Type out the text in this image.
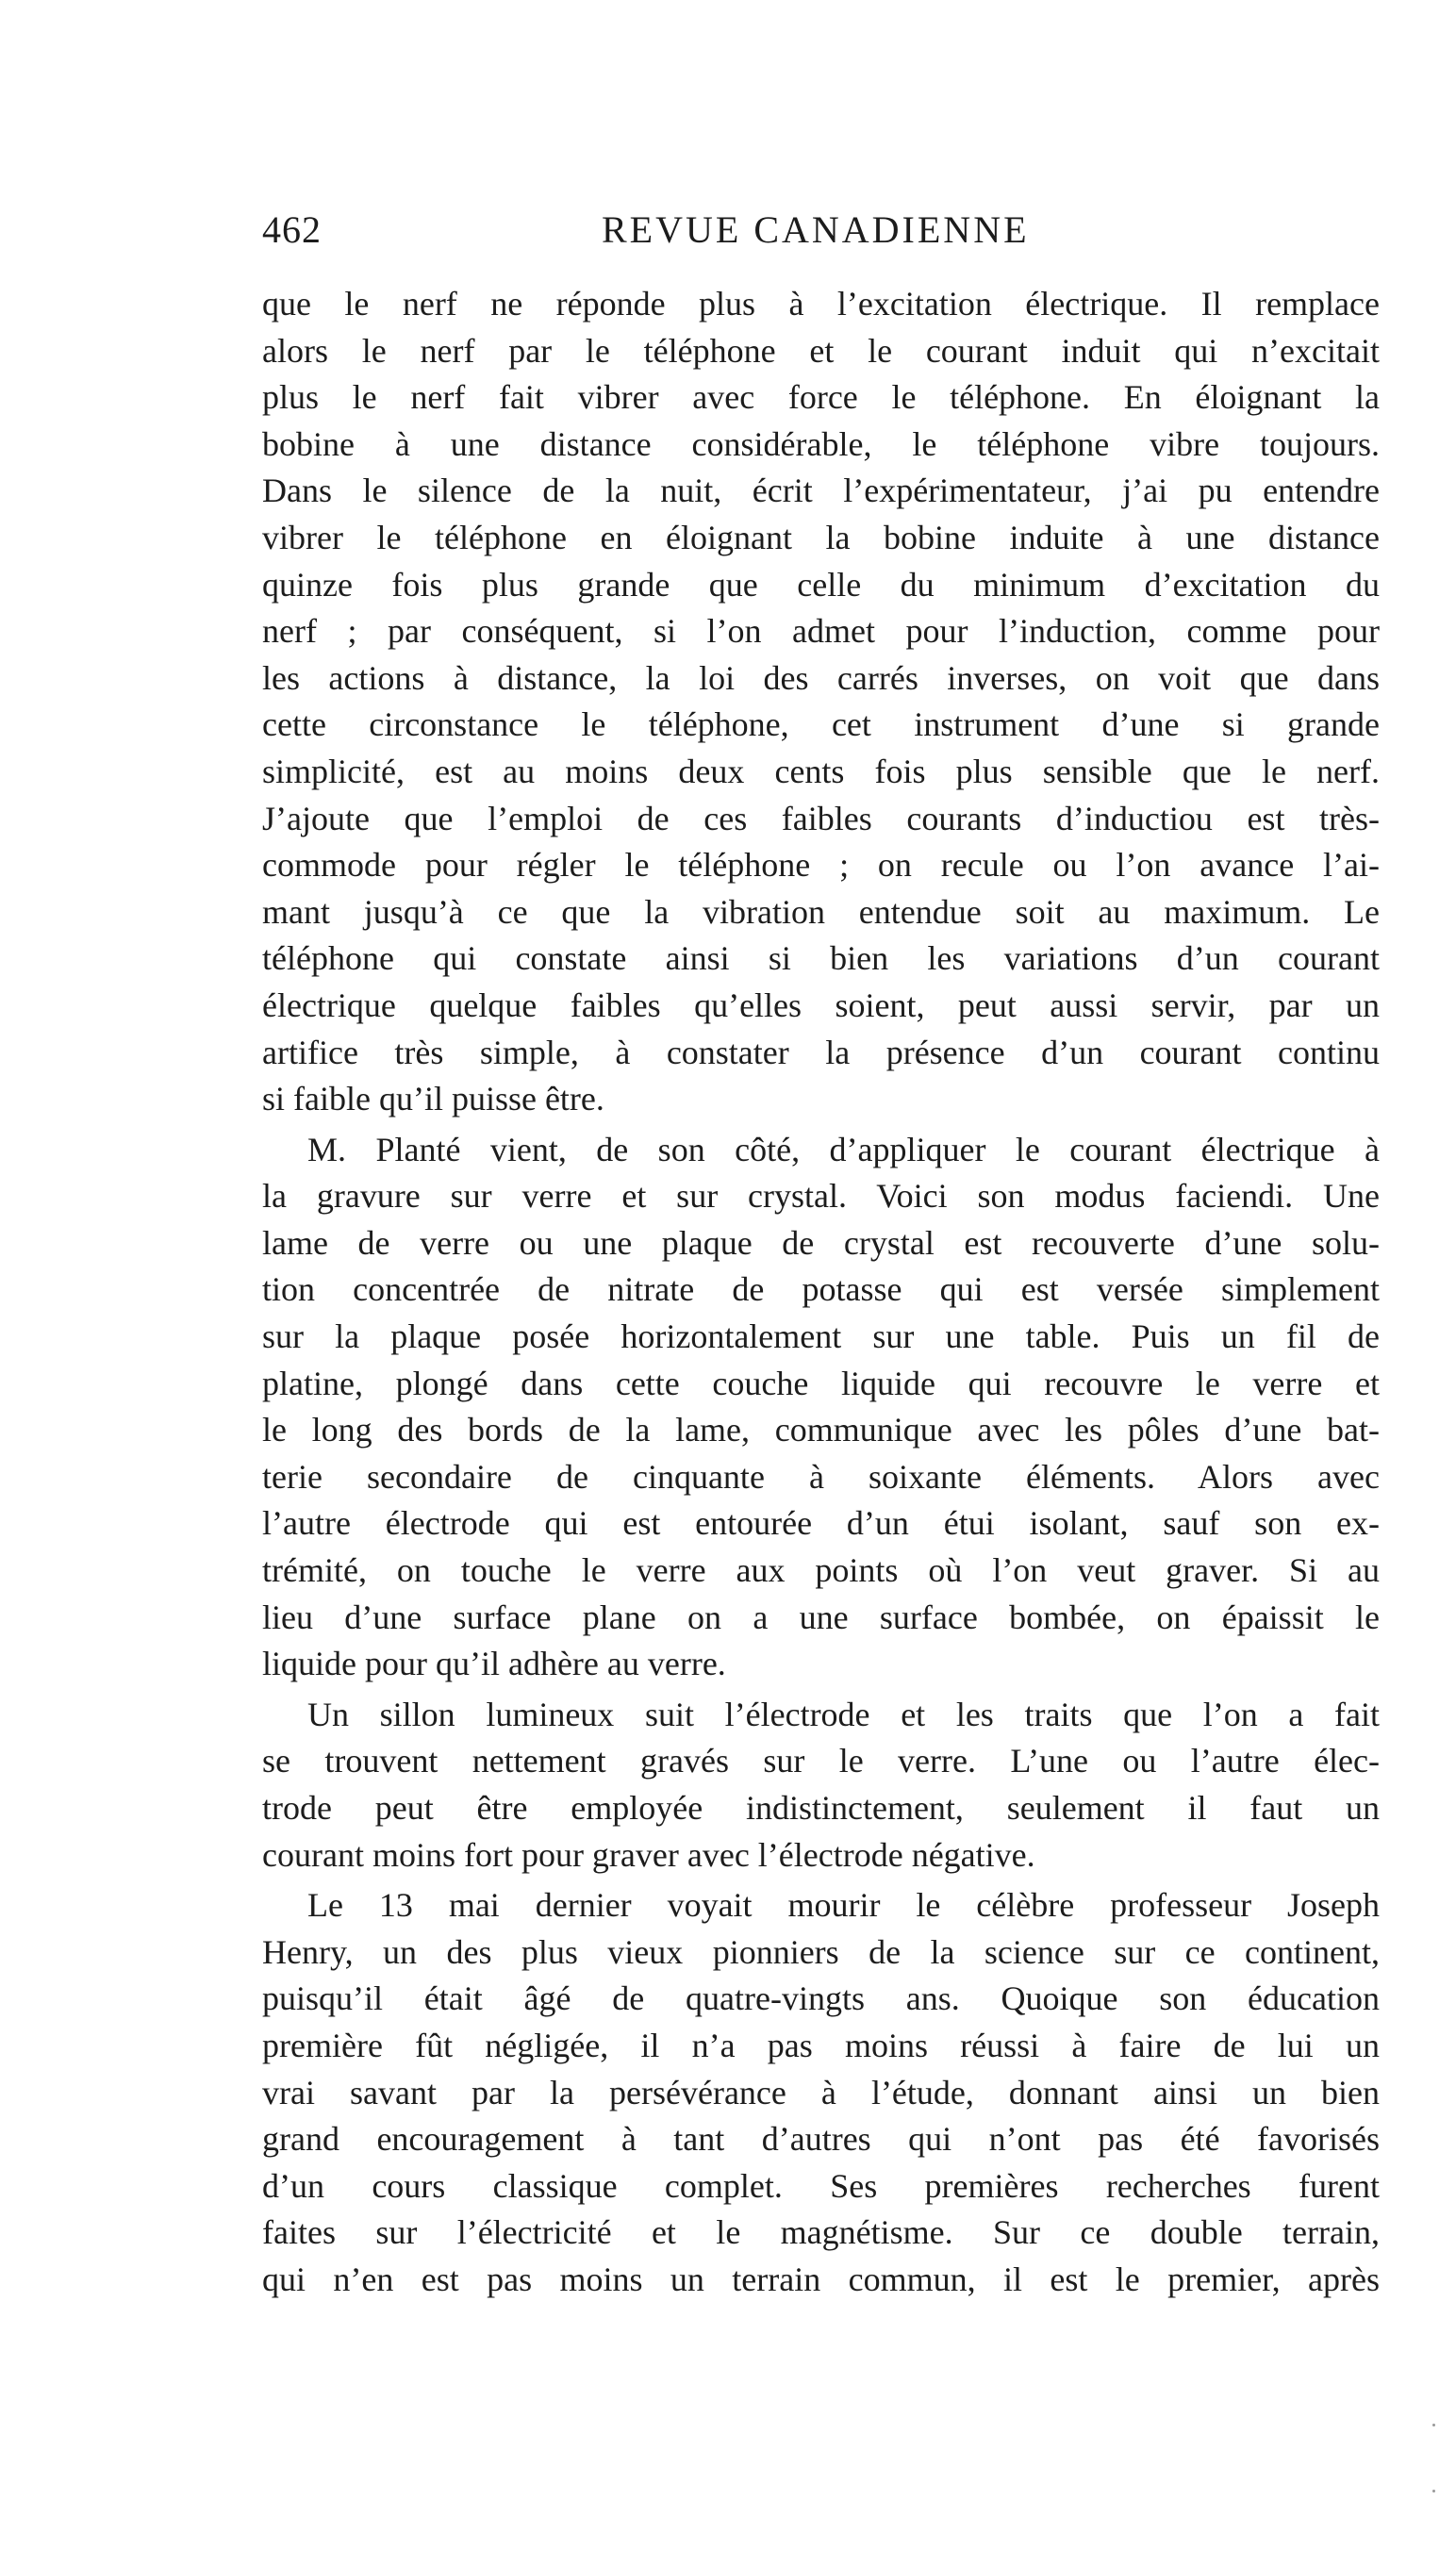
462	REVUE CANADIENNE
que le nerf ne réponde plus à l’excitation électrique. Il remplace
alors le nerf par le téléphone et le courant induit qui n’excitait
plus le nerf fait vibrer avec force le téléphone. En éloignant la
bobine à une distance considérable, le téléphone vibre toujours.
Dans le silence de la nuit, écrit l’expérimentateur, j’ai pu entendre
vibrer le téléphone en éloignant la bobine induite à une distance
quinze fois plus grande que celle du minimum d’excitation du
nerf ; par conséquent, si l’on admet pour l’induction, comme pour
les actions à distance, la loi des carrés inverses, on voit que dans
cette circonstance le téléphone, cet instrument d’une si grande
simplicité, est au moins deux cents fois plus sensible que le nerf.
J’ajoute que l’emploi de ces faibles courants d’inductiou est très-
commode pour régler le téléphone ; on recule ou l’on avance l’ai-
mant jusqu’à ce que la vibration entendue soit au maximum. Le
téléphone qui constate ainsi si bien les variations d’un courant
électrique quelque faibles qu’elles soient, peut aussi servir, par un
artifice très simple, à constater la présence d’un courant continu
si faible qu’il puisse être.
M. Planté vient, de son côté, d’appliquer le courant électrique à
la gravure sur verre et sur crystal. Voici son modus faciendi. Une
lame de verre ou une plaque de crystal est recouverte d’une solu-
tion concentrée de nitrate de potasse qui est versée simplement
sur la plaque posée horizontalement sur une table. Puis un fil de
platine, plongé dans cette couche liquide qui recouvre le verre et
le long des bords de la lame, communique avec les pôles d’une bat-
terie secondaire de cinquante à soixante éléments. Alors avec
l’autre électrode qui est entourée d’un étui isolant, sauf son ex-
trémité, on touche le verre aux points où l’on veut graver. Si au
lieu d’une surface plane on a une surface bombée, on épaissit le
liquide pour qu’il adhère au verre.
Un sillon lumineux suit l’électrode et les traits que l’on a fait
se trouvent nettement gravés sur le verre. L’une ou l’autre élec-
trode peut être employée indistinctement, seulement il faut un
courant moins fort pour graver avec l’électrode négative.
Le 13 mai dernier voyait mourir le célèbre professeur Joseph
Henry, un des plus vieux pionniers de la science sur ce continent,
puisqu’il était âgé de quatre-vingts ans. Quoique son éducation
première fût négligée, il n’a pas moins réussi à faire de lui un
vrai savant par la persévérance à l’étude, donnant ainsi un bien
grand encouragement à tant d’autres qui n’ont pas été favorisés
d’un cours classique complet. Ses premières recherches furent
faites sur l’électricité et le magnétisme. Sur ce double terrain,
qui n’en est pas moins un terrain commun, il est le premier, après
